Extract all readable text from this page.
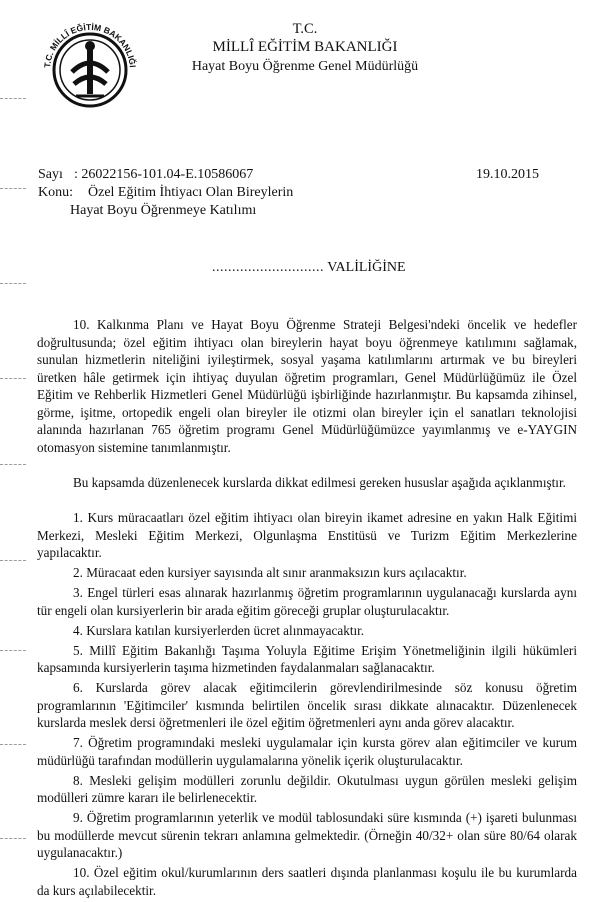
T.C. MİLLÎ EĞİTİM BAKANLIĞI
T.C.
MİLLÎ EĞİTİM BAKANLIĞI
Hayat Boyu Öğrenme Genel Müdürlüğü
Sayı : 26022156-101.04-E.10586067	19.10.2015
Konu: Özel Eğitim İhtiyacı Olan Bireylerin
Hayat Boyu Öğrenmeye Katılımı
............................ VALİLİĞİNE

10. Kalkınma Planı ve Hayat Boyu Öğrenme Strateji Belgesi'ndeki öncelik ve hedefler doğrultusunda; özel eğitim ihtiyacı olan bireylerin hayat boyu öğrenmeye katılımını sağlamak, sunulan hizmetlerin niteliğini iyileştirmek, sosyal yaşama katılımlarını artırmak ve bu bireyleri üretken hâle getirmek için ihtiyaç duyulan öğretim programları, Genel Müdürlüğümüz ile Özel Eğitim ve Rehberlik Hizmetleri Genel Müdürlüğü işbirliğinde hazırlanmıştır. Bu kapsamda zihinsel, görme, işitme, ortopedik engeli olan bireyler ile otizmi olan bireyler için el sanatları teknolojisi alanında hazırlanan 765 öğretim programı Genel Müdürlüğümüzce yayımlanmış ve e-YAYGIN otomasyon sistemine tanımlanmıştır.

Bu kapsamda düzenlenecek kurslarda dikkat edilmesi gereken hususlar aşağıda açıklanmıştır.

1. Kurs müracaatları özel eğitim ihtiyacı olan bireyin ikamet adresine en yakın Halk Eğitimi Merkezi, Mesleki Eğitim Merkezi, Olgunlaşma Enstitüsü ve Turizm Eğitim Merkezlerine yapılacaktır.

2. Müracaat eden kursiyer sayısında alt sınır aranmaksızın kurs açılacaktır.

3. Engel türleri esas alınarak hazırlanmış öğretim programlarının uygulanacağı kurslarda aynı tür engeli olan kursiyerlerin bir arada eğitim göreceği gruplar oluşturulacaktır.

4. Kurslara katılan kursiyerlerden ücret alınmayacaktır.

5. Millî Eğitim Bakanlığı Taşıma Yoluyla Eğitime Erişim Yönetmeliğinin ilgili hükümleri kapsamında kursiyerlerin taşıma hizmetinden faydalanmaları sağlanacaktır.

6. Kurslarda görev alacak eğitimcilerin görevlendirilmesinde söz konusu öğretim programlarının 'Eğitimciler' kısmında belirtilen öncelik sırası dikkate alınacaktır. Düzenlenecek kurslarda meslek dersi öğretmenleri ile özel eğitim öğretmenleri aynı anda görev alacaktır.

7. Öğretim programındaki mesleki uygulamalar için kursta görev alan eğitimciler ve kurum müdürlüğü tarafından modüllerin uygulamalarına yönelik içerik oluşturulacaktır.

8. Mesleki gelişim modülleri zorunlu değildir. Okutulması uygun görülen mesleki gelişim modülleri zümre kararı ile belirlenecektir.

9. Öğretim programlarının yeterlik ve modül tablosundaki süre kısmında (+) işareti bulunması bu modüllerde mevcut sürenin tekrarı anlamına gelmektedir. (Örneğin 40/32+ olan süre 80/64 olarak uygulanacaktır.)

10. Özel eğitim okul/kurumlarının ders saatleri dışında planlanması koşulu ile bu kurumlarda da kurs açılabilecektir.
